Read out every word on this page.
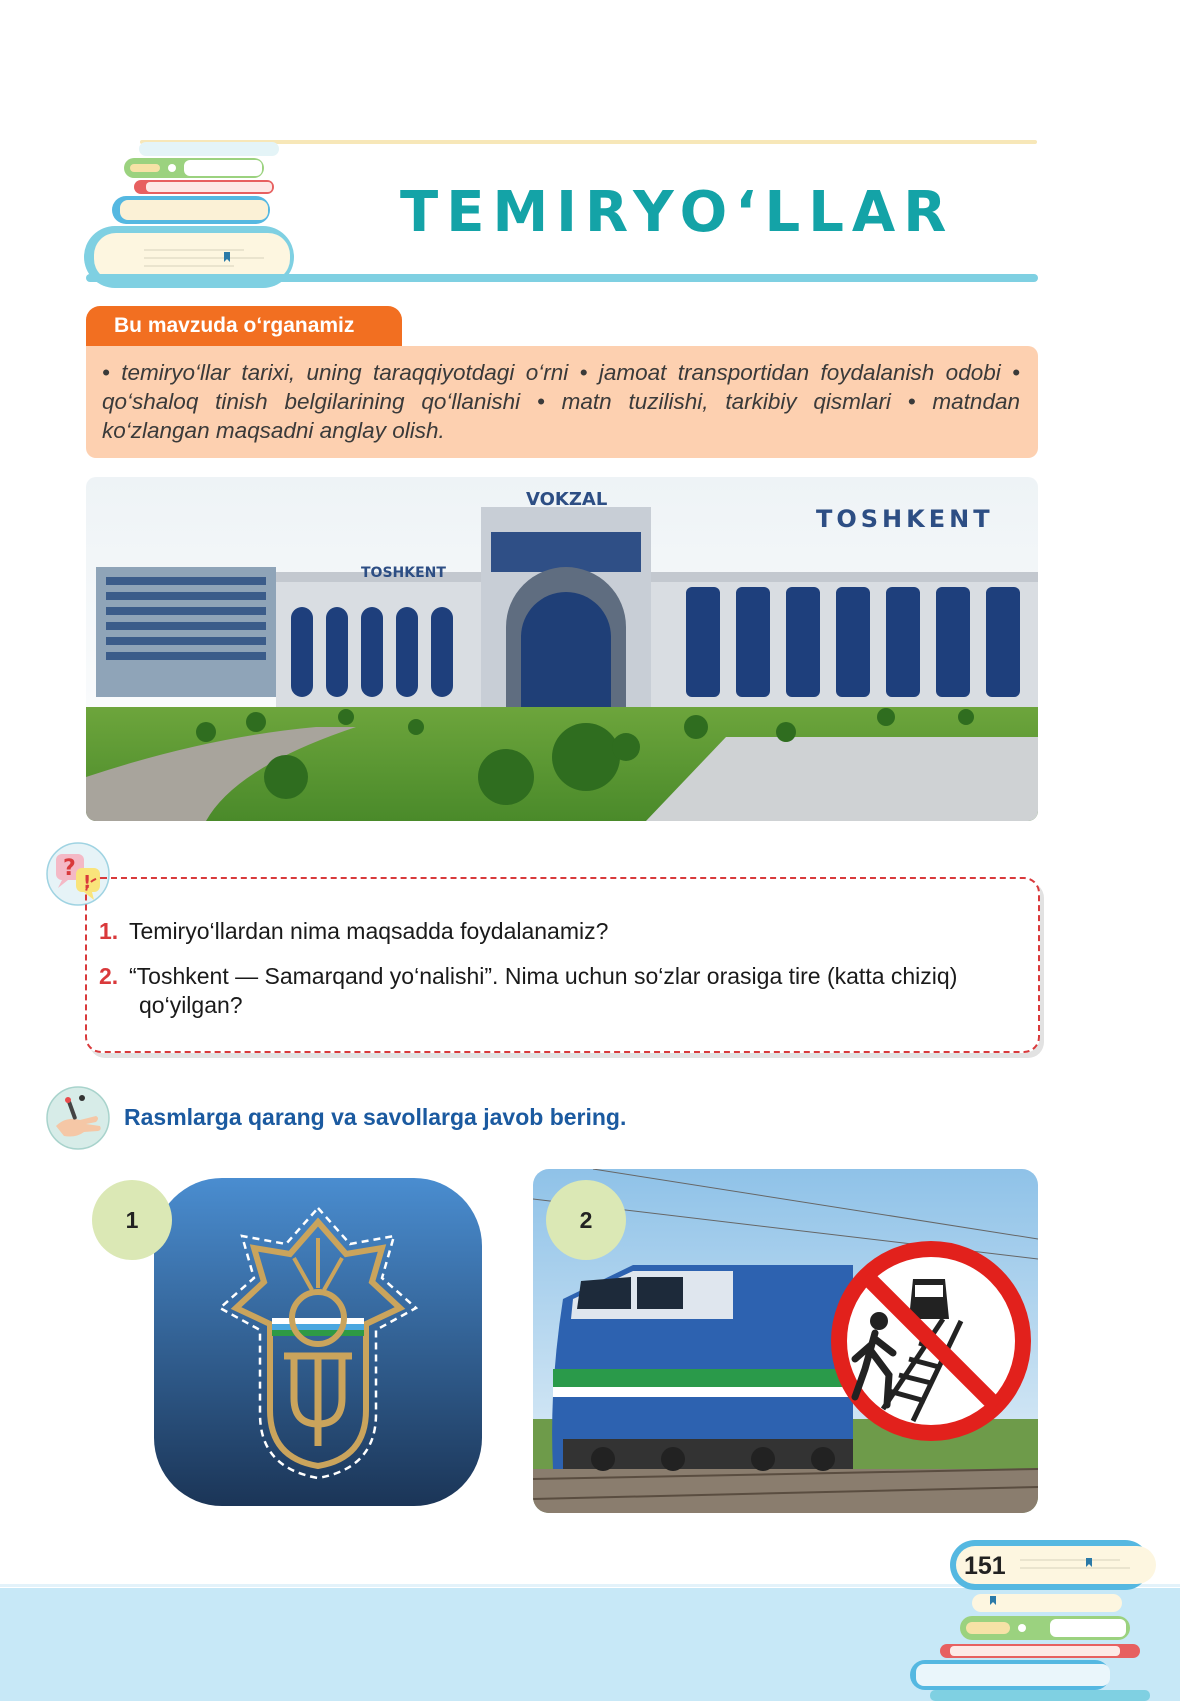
TEMIRYO‘LLAR
Bu mavzuda o‘rganamiz
• temiryo‘llar tarixi, uning taraqqiyotdagi o‘rni • jamoat transportidan foydalanish odobi • qo‘shaloq tinish belgilarining qo‘llanishi • matn tuzilishi, tarkibiy qismlari • matndan ko‘zlangan maqsadni anglay olish.
VOKZAL
TOSHKENT
TOSHKENT
?
!
1. Temiryo‘llardan nima maqsadda foydalanamiz?
2. “Toshkent — Samarqand yo‘nalishi”. Nima uchun so‘zlar orasiga tire (katta chiziq)
qo‘yilgan?
Rasmlarga qarang va savollarga javob bering.
1	2
151
